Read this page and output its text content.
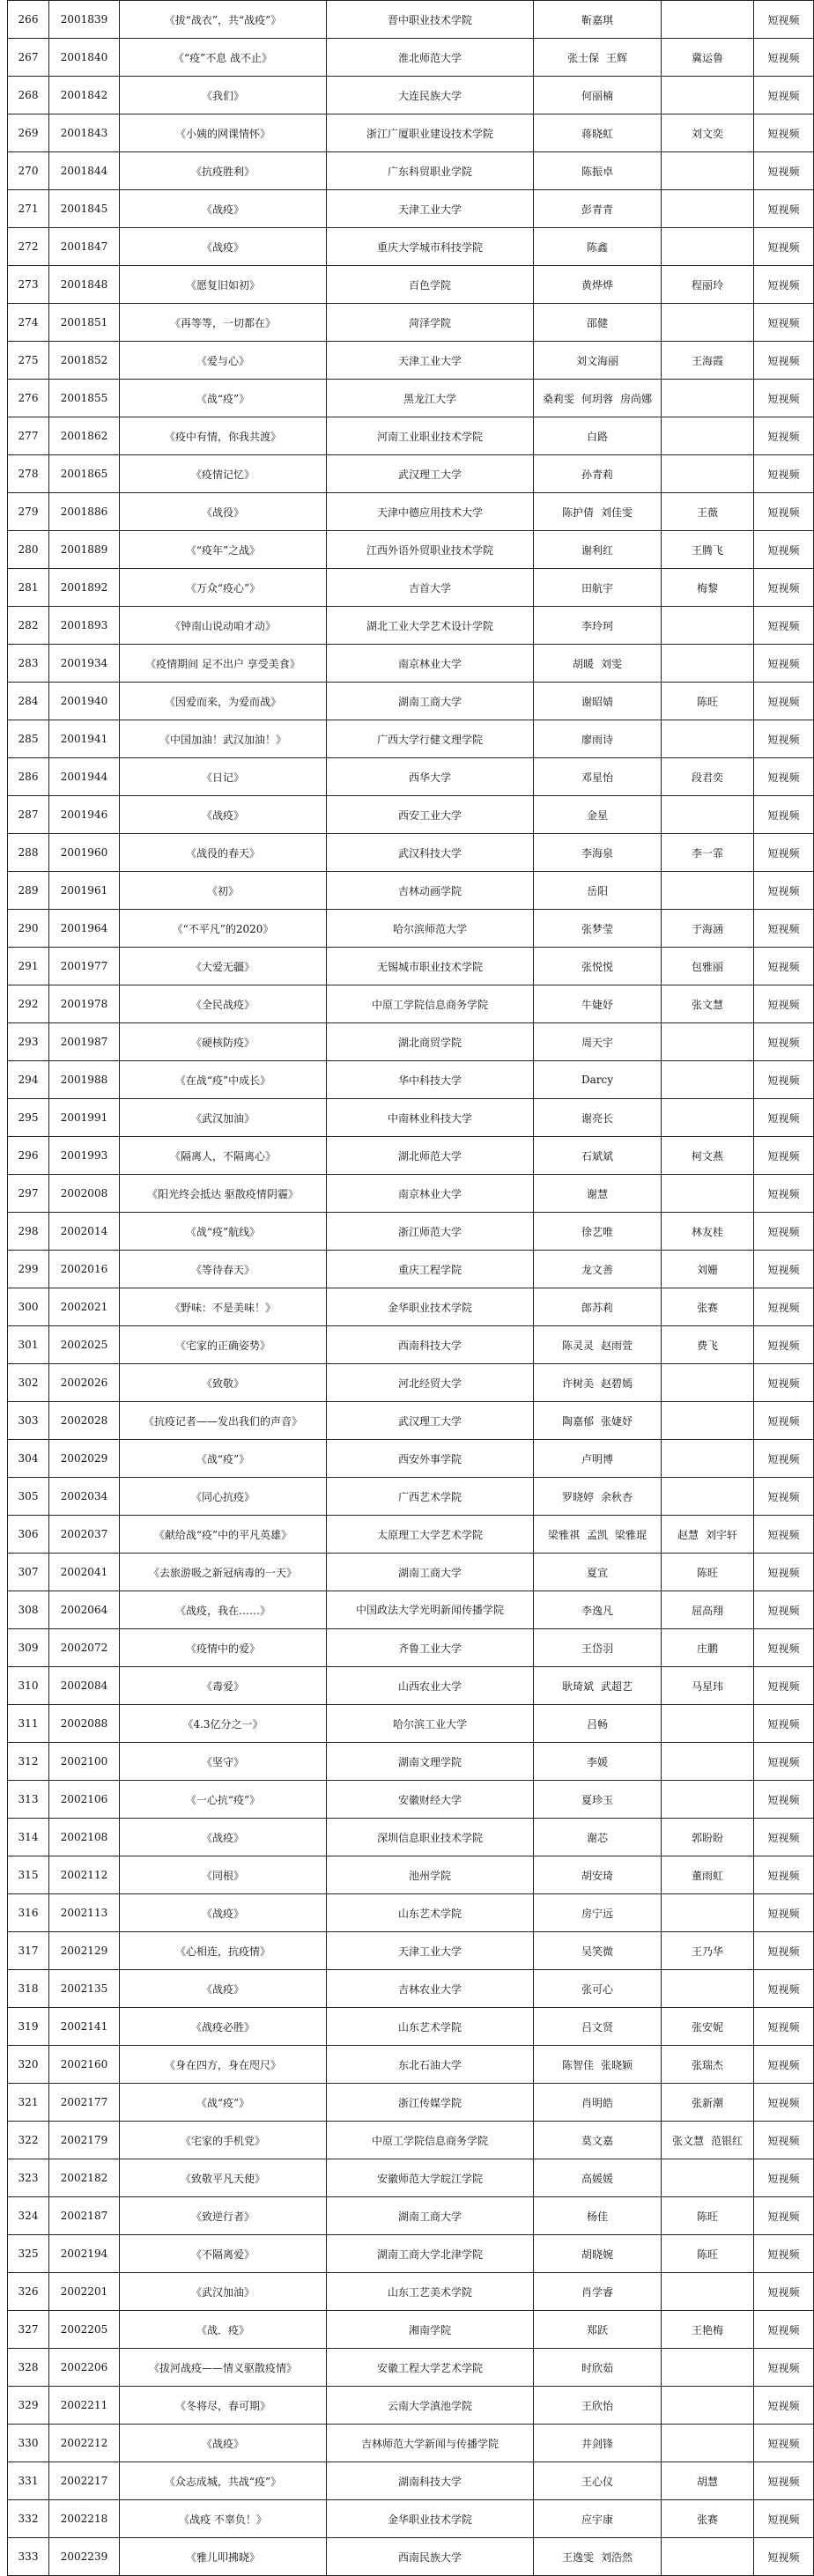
266	2001839	《拔“战衣”，共“战疫”》	晋中职业技术学院	靳嘉琪		短视频
267	2001840	《“疫”不息 战不止》	淮北师范大学	张士保 王辉	冀运鲁	短视频
268	2001842	《我们》	大连民族大学	何丽楠		短视频
269	2001843	《小姨的网课情怀》	浙江广厦职业建设技术学院	蒋晓虹	刘文奕	短视频
270	2001844	《抗疫胜利》	广东科贸职业学院	陈振卓		短视频
271	2001845	《战疫》	天津工业大学	彭青青		短视频
272	2001847	《战疫》	重庆大学城市科技学院	陈鑫		短视频
273	2001848	《愿复旧如初》	百色学院	黄烨烨	程丽玲	短视频
274	2001851	《再等等，一切都在》	菏泽学院	邵健		短视频
275	2001852	《爱与心》	天津工业大学	刘文海丽	王海霞	短视频
276	2001855	《战“疫”》	黑龙江大学	桑莉雯 何玥蓉 房尚娜		短视频
277	2001862	《疫中有情，你我共渡》	河南工业职业技术学院	白路		短视频
278	2001865	《疫情记忆》	武汉理工大学	孙青莉		短视频
279	2001886	《战役》	天津中德应用技术大学	陈护倩 刘佳雯	王薇	短视频
280	2001889	《“疫年”之战》	江西外语外贸职业技术学院	谢利红	王腾飞	短视频
281	2001892	《万众“疫心”》	吉首大学	田航宇	梅黎	短视频
282	2001893	《钟南山说动咱才动》	湖北工业大学艺术设计学院	李玲珂		短视频
283	2001934	《疫情期间 足不出户 享受美食》	南京林业大学	胡暖 刘雯		短视频
284	2001940	《因爱而来，为爱而战》	湖南工商大学	谢昭婧	陈旺	短视频
285	2001941	《中国加油！武汉加油！》	广西大学行健文理学院	廖雨诗		短视频
286	2001944	《日记》	西华大学	邓星怡	段君奕	短视频
287	2001946	《战疫》	西安工业大学	金星		短视频
288	2001960	《战役的春天》	武汉科技大学	李海泉	李一霏	短视频
289	2001961	《初》	吉林动画学院	岳阳		短视频
290	2001964	《“不平凡”的2020》	哈尔滨师范大学	张梦莹	于海涵	短视频
291	2001977	《大爱无疆》	无锡城市职业技术学院	张悦悦	包雅丽	短视频
292	2001978	《全民战疫》	中原工学院信息商务学院	牛婕妤	张文慧	短视频
293	2001987	《硬核防疫》	湖北商贸学院	周天宇		短视频
294	2001988	《在战“疫”中成长》	华中科技大学	Darcy		短视频
295	2001991	《武汉加油》	中南林业科技大学	谢亮长		短视频
296	2001993	《隔离人，不隔离心》	湖北师范大学	石斌斌	柯文燕	短视频
297	2002008	《阳光终会抵达 驱散疫情阴霾》	南京林业大学	谢慧		短视频
298	2002014	《战“疫”航线》	浙江师范大学	徐艺唯	林友桂	短视频
299	2002016	《等待春天》	重庆工程学院	龙文善	刘姗	短视频
300	2002021	《野味：不是美味！》	金华职业技术学院	郎苏莉	张赛	短视频
301	2002025	《宅家的正确姿势》	西南科技大学	陈灵灵 赵雨萱	费飞	短视频
302	2002026	《致敬》	河北经贸大学	许树美 赵碧嫣		短视频
303	2002028	《抗疫记者——发出我们的声音》	武汉理工大学	陶嘉郁 张婕妤		短视频
304	2002029	《战“疫”》	西安外事学院	卢明博		短视频
305	2002034	《同心抗疫》	广西艺术学院	罗晓婷 余秋杏		短视频
306	2002037	《献给战“疫”中的平凡英雄》	太原理工大学艺术学院	梁雅祺 孟凯 梁雅琨	赵慧 刘宇轩	短视频
307	2002041	《去旅游吸之新冠病毒的一天》	湖南工商大学	夏宣	陈旺	短视频
308	2002064	《战疫，我在……》	中国政法大学光明新闻传播学院	李逸凡	屈高翔	短视频
309	2002072	《疫情中的爱》	齐鲁工业大学	王岱羽	庄鹏	短视频
310	2002084	《毒爱》	山西农业大学	耿琦斌 武超艺	马星玮	短视频
311	2002088	《4.3亿分之一》	哈尔滨工业大学	吕畅		短视频
312	2002100	《坚守》	湖南文理学院	李媛		短视频
313	2002106	《一心抗“疫”》	安徽财经大学	夏珍玉		短视频
314	2002108	《战疫》	深圳信息职业技术学院	谢芯	郭盼盼	短视频
315	2002112	《同根》	池州学院	胡安琦	董雨虹	短视频
316	2002113	《战疫》	山东艺术学院	房宁远		短视频
317	2002129	《心相连，抗疫情》	天津工业大学	吴笑微	王乃华	短视频
318	2002135	《战疫》	吉林农业大学	张可心		短视频
319	2002141	《战疫必胜》	山东艺术学院	吕文贤	张安妮	短视频
320	2002160	《身在四方，身在咫尺》	东北石油大学	陈智佳 张晓颖	张瑞杰	短视频
321	2002177	《战“疫”》	浙江传媒学院	肖明皓	张新潮	短视频
322	2002179	《宅家的手机党》	中原工学院信息商务学院	莫文嘉	张文慧 范银红	短视频
323	2002182	《致敬平凡天使》	安徽师范大学皖江学院	高媛媛		短视频
324	2002187	《致逆行者》	湖南工商大学	杨佳	陈旺	短视频
325	2002194	《不隔离爱》	湖南工商大学北津学院	胡晓婉	陈旺	短视频
326	2002201	《武汉加油》	山东工艺美术学院	肖学睿		短视频
327	2002205	《战．疫》	湘南学院	郑跃	王艳梅	短视频
328	2002206	《拔河战疫——情义驱散疫情》	安徽工程大学艺术学院	时欣茹		短视频
329	2002211	《冬将尽，春可期》	云南大学滇池学院	王欣怡		短视频
330	2002212	《战疫》	吉林师范大学新闻与传播学院	井剑锋		短视频
331	2002217	《众志成城，共战“疫”》	湖南科技大学	王心仪	胡慧	短视频
332	2002218	《战疫 不辜负！》	金华职业技术学院	应宇康	张赛	短视频
333	2002239	《雅儿叩拂晓》	西南民族大学	王逸雯 刘浩然		短视频
